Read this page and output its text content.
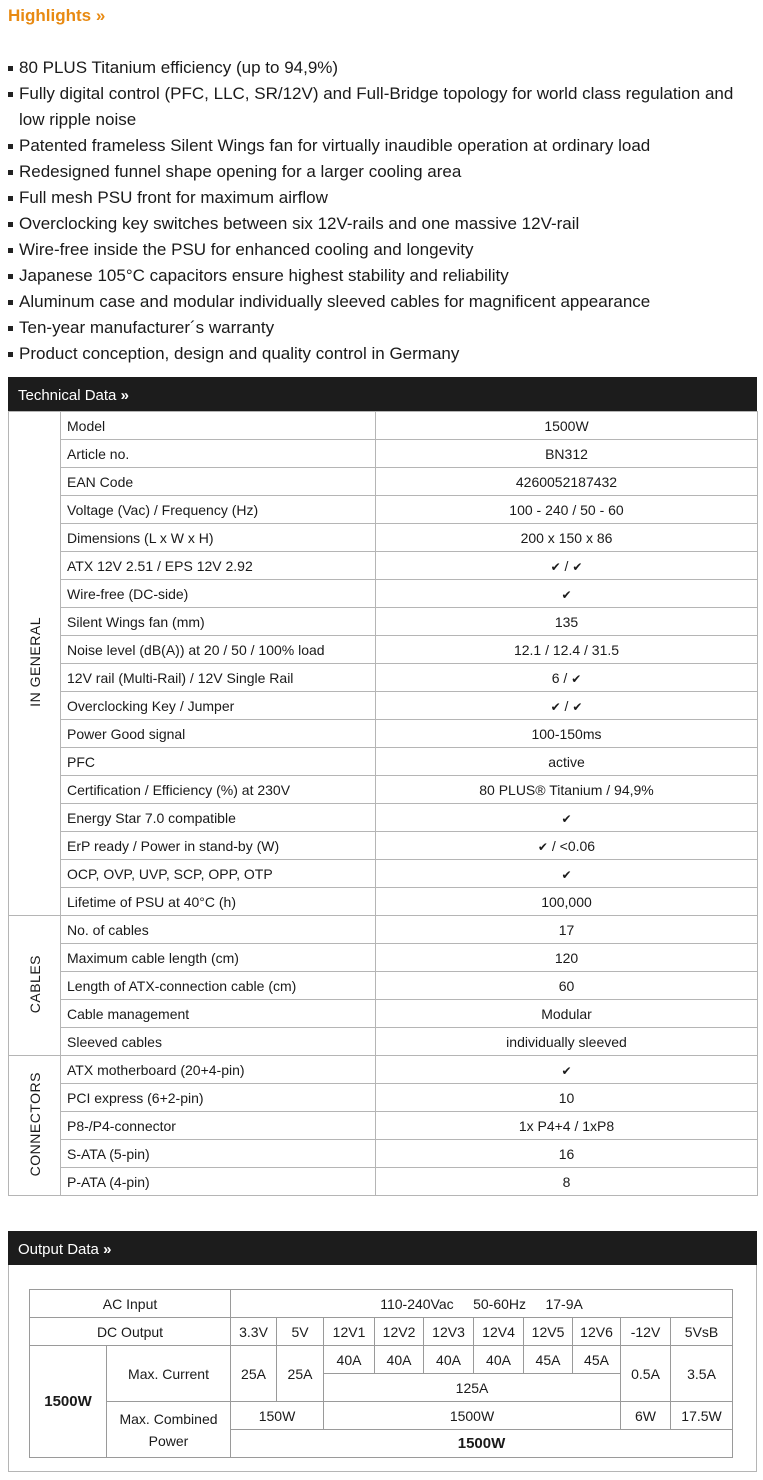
Highlights »
80 PLUS Titanium efficiency (up to 94,9%)
Fully digital control (PFC, LLC, SR/12V) and Full-Bridge topology for world class regulation and low ripple noise
Patented frameless Silent Wings fan for virtually inaudible operation at ordinary load
Redesigned funnel shape opening for a larger cooling area
Full mesh PSU front for maximum airflow
Overclocking key switches between six 12V-rails and one massive 12V-rail
Wire-free inside the PSU for enhanced cooling and longevity
Japanese 105°C capacitors ensure highest stability and reliability
Aluminum case and modular individually sleeved cables for magnificent appearance
Ten-year manufacturer´s warranty
Product conception, design and quality control in Germany
Technical Data »
IN GENERAL	Model	1500W
	Article no.	BN312
	EAN Code	4260052187432
	Voltage (Vac) / Frequency (Hz)	100 - 240 / 50 - 60
	Dimensions (L x W x H)	200 x 150 x 86
	ATX 12V 2.51 / EPS 12V 2.92	✔ / ✔
	Wire-free (DC-side)	✔
	Silent Wings fan (mm)	135
	Noise level (dB(A)) at 20 / 50 / 100% load	12.1 / 12.4 / 31.5
	12V rail (Multi-Rail) / 12V Single Rail	6 / ✔
	Overclocking Key / Jumper	✔ / ✔
	Power Good signal	100-150ms
	PFC	active
	Certification / Efficiency (%) at 230V	80 PLUS® Titanium / 94,9%
	Energy Star 7.0 compatible	✔
	ErP ready / Power in stand-by (W)	✔ / <0.06
	OCP, OVP, UVP, SCP, OPP, OTP	✔
	Lifetime of PSU at 40°C (h)	100,000
CABLES	No. of cables	17
	Maximum cable length (cm)	120
	Length of ATX-connection cable (cm)	60
	Cable management	Modular
	Sleeved cables	individually sleeved
CONNECTORS	ATX motherboard (20+4-pin)	✔
	PCI express (6+2-pin)	10
	P8-/P4-connector	1x P4+4 / 1xP8
	S-ATA (5-pin)	16
	P-ATA (4-pin)	8
Output Data »
AC Input		110-240Vac     50-60Hz     17-9A									
DC Output		3.3V	5V	12V1	12V2	12V3	12V4	12V5	12V6	-12V	5VsB
1500W	Max. Current	25A	25A	40A	40A	40A	40A	45A	45A	0.5A	3.5A
				125A							
	Max. Combined
Power	150W		1500W						6W	17.5W
		1500W									
